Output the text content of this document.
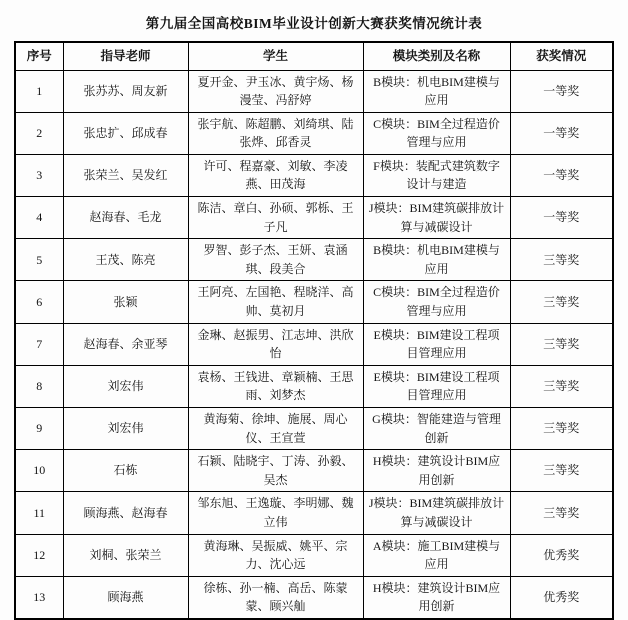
第九届全国高校BIM毕业设计创新大赛获奖情况统计表
序号	指导老师	学生	模块类别及名称	获奖情况
1	张苏苏、周友新	夏开金、尹玉冰、黄宇炀、杨漫莹、冯舒婷	B模块：机电BIM建模与应用	一等奖
2	张忠扩、邱成春	张宇航、陈超鹏、刘绮琪、陆张烨、邱香灵	C模块：BIM全过程造价管理与应用	一等奖
3	张荣兰、吴发红	许可、程嘉豪、刘敏、李凌燕、田茂海	F模块：装配式建筑数字设计与建造	一等奖
4	赵海春、毛龙	陈洁、章白、孙硕、郭栎、王子凡	J模块：BIM建筑碳排放计算与减碳设计	一等奖
5	王茂、陈亮	罗智、彭子杰、王妍、袁涵琪、段美合	B模块：机电BIM建模与应用	三等奖
6	张颖	王阿亮、左国艳、程晓洋、高帅、莫初月	C模块：BIM全过程造价管理与应用	三等奖
7	赵海春、余亚琴	金琳、赵振男、江志坤、洪欣怡	E模块：BIM建设工程项目管理应用	三等奖
8	刘宏伟	袁杨、王钱进、章颖楠、王思雨、刘梦杰	E模块：BIM建设工程项目管理应用	三等奖
9	刘宏伟	黄海菊、徐坤、施展、周心仪、王宣萱	G模块：智能建造与管理创新	三等奖
10	石栋	石颖、陆晓宇、丁涛、孙毅、吴杰	H模块：建筑设计BIM应用创新	三等奖
11	顾海燕、赵海春	邹东旭、王逸璇、李明娜、魏立伟	J模块：BIM建筑碳排放计算与减碳设计	三等奖
12	刘桐、张荣兰	黄海琳、吴振威、姚平、宗力、沈心远	A模块：施工BIM建模与应用	优秀奖
13	顾海燕	徐栋、孙一楠、高岳、陈蒙蒙、顾兴舢	H模块：建筑设计BIM应用创新	优秀奖
